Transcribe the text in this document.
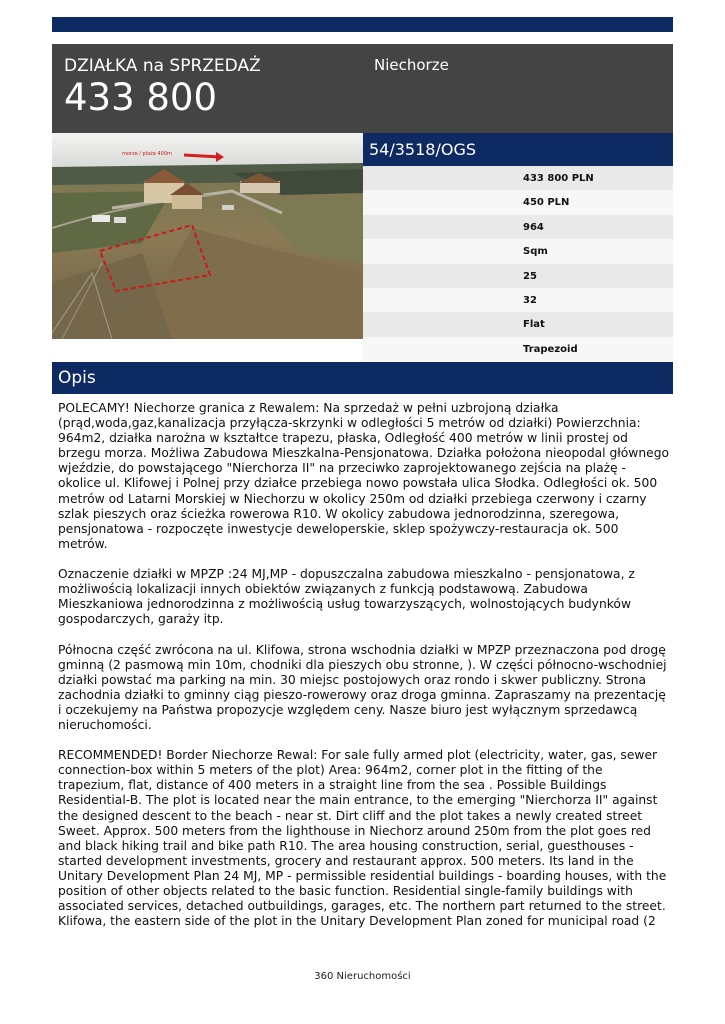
DZIAŁKA na SPRZEDAŻ
433 800
Niechorze
morze / plaża 400m	54/3518/OGS
433 800 PLN
450 PLN
964
Sqm
25
32
Flat
Trapezoid
Opis

POLECAMY! Niechorze granica z Rewalem: Na sprzedaż w pełni uzbrojoną działka (prąd,woda,gaz,kanalizacja przyłącza-skrzynki w odległości 5 metrów od działki) Powierzchnia: 964m2, działka narożna w kształtce trapezu, płaska, Odległość 400 metrów w linii prostej od brzegu morza. Możliwa Zabudowa Mieszkalna-Pensjonatowa. Działka położona nieopodal głównego wjeździe, do powstającego "Nierchorza II" na przeciwko zaprojektowanego zejścia na plażę - okolice ul. Klifowej i Polnej przy działce przebiega nowo powstała ulica Słodka. Odległości ok. 500 metrów od Latarni Morskiej w Niechorzu w okolicy 250m od działki przebiega czerwony i czarny szlak pieszych oraz ścieżka rowerowa R10. W okolicy zabudowa jednorodzinna, szeregowa, pensjonatowa - rozpoczęte inwestycje deweloperskie, sklep spożywczy-restauracja ok. 500 metrów.

Oznaczenie działki w MPZP :24 MJ,MP - dopuszczalna zabudowa mieszkalno - pensjonatowa, z możliwością lokalizacji innych obiektów związanych z funkcją podstawową. Zabudowa Mieszkaniowa jednorodzinna z możliwością usług towarzyszących, wolnostojących budynków gospodarczych, garaży itp.

Północna część zwrócona na ul. Klifowa, strona wschodnia działki w MPZP przeznaczona pod drogę gminną (2 pasmową min 10m, chodniki dla pieszych obu stronne, ). W części północno-wschodniej działki powstać ma parking na min. 30 miejsc postojowych oraz rondo i skwer publiczny. Strona zachodnia działki to gminny ciąg pieszo-rowerowy oraz droga gminna. Zapraszamy na prezentację i oczekujemy na Państwa propozycje względem ceny. Nasze biuro jest wyłącznym sprzedawcą nieruchomości.

RECOMMENDED! Border Niechorze Rewal: For sale fully armed plot (electricity, water, gas, sewer connection-box within 5 meters of the plot) Area: 964m2, corner plot in the fitting of the trapezium, flat, distance of 400 meters in a straight line from the sea . Possible Buildings Residential-B. The plot is located near the main entrance, to the emerging "Nierchorza II" against the designed descent to the beach - near st. Dirt cliff and the plot takes a newly created street Sweet. Approx. 500 meters from the lighthouse in Niechorz around 250m from the plot goes red and black hiking trail and bike path R10. The area housing construction, serial, guesthouses - started development investments, grocery and restaurant approx. 500 meters. Its land in the Unitary Development Plan 24 MJ, MP - permissible residential buildings - boarding houses, with the position of other objects related to the basic function. Residential single-family buildings with associated services, detached outbuildings, garages, etc. The northern part returned to the street. Klifowa, the eastern side of the plot in the Unitary Development Plan zoned for municipal road (2

360 Nieruchomości
